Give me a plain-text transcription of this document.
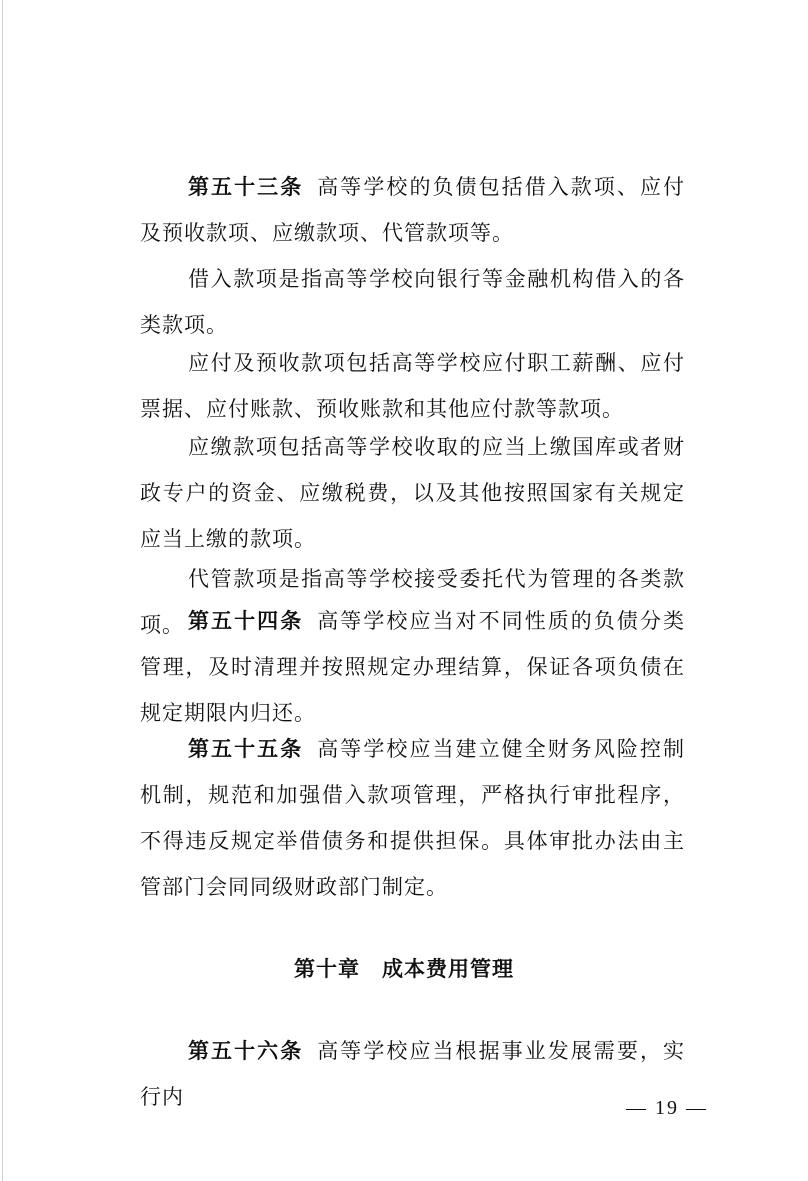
第五十三条 高等学校的负债包括借入款项、应付及预收款项、应缴款项、代管款项等。

借入款项是指高等学校向银行等金融机构借入的各类款项。

应付及预收款项包括高等学校应付职工薪酬、应付票据、应付账款、预收账款和其他应付款等款项。

应缴款项包括高等学校收取的应当上缴国库或者财政专户的资金、应缴税费，以及其他按照国家有关规定应当上缴的款项。

代管款项是指高等学校接受委托代为管理的各类款项。 第五十四条 高等学校应当对不同性质的负债分类管理，及时清理并按照规定办理结算，保证各项负债在规定期限内归还。

第五十五条 高等学校应当建立健全财务风险控制机制，规范和加强借入款项管理，严格执行审批程序，不得违反规定举借债务和提供担保。具体审批办法由主管部门会同同级财政部门制定。

第十章 成本费用管理

第五十六条 高等学校应当根据事业发展需要，实行内	— 19 —
